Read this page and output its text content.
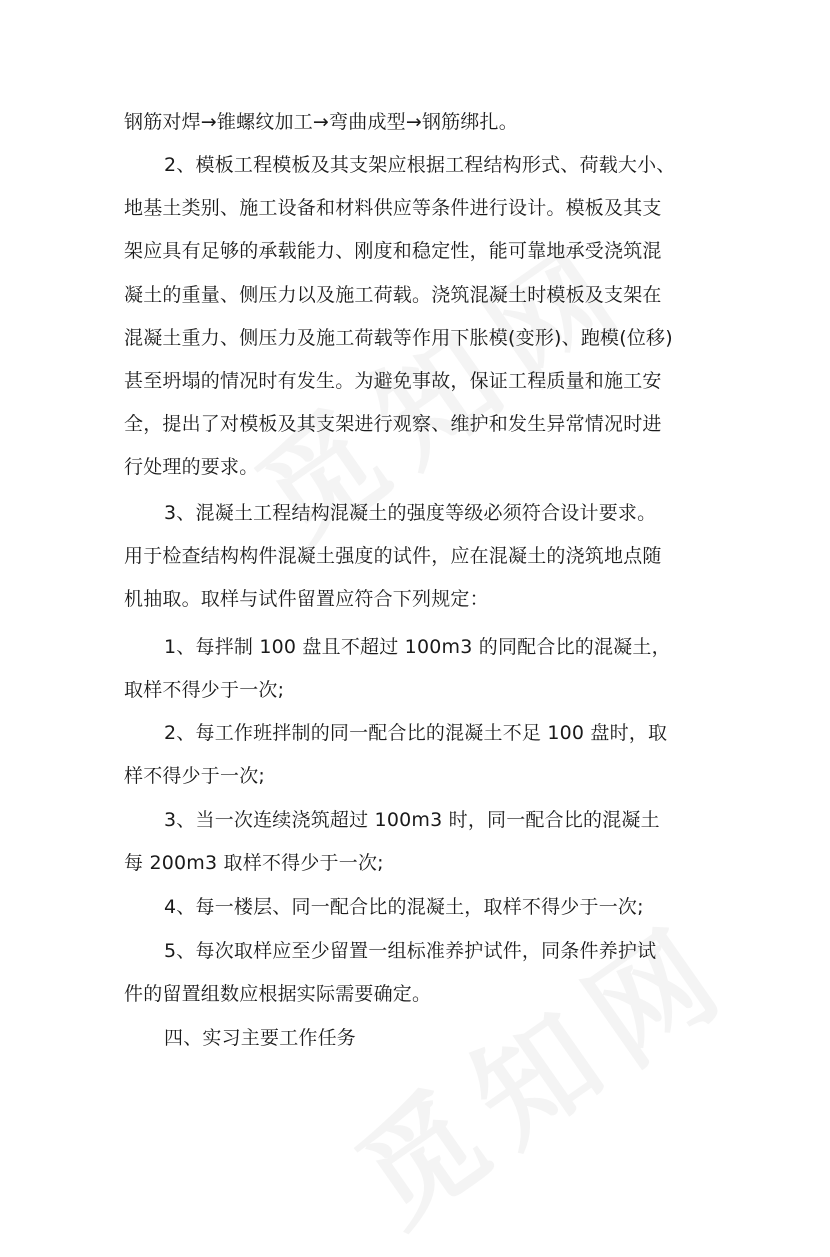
钢筋对焊→锥螺纹加工→弯曲成型→钢筋绑扎。
2、模板工程模板及其支架应根据工程结构形式、荷载大小、
地基土类别、施工设备和材料供应等条件进行设计。模板及其支
架应具有足够的承载能力、刚度和稳定性，能可靠地承受浇筑混
凝土的重量、侧压力以及施工荷载。浇筑混凝土时模板及支架在
混凝土重力、侧压力及施工荷载等作用下胀模(变形)、跑模(位移)
甚至坍塌的情况时有发生。为避免事故，保证工程质量和施工安
全，提出了对模板及其支架进行观察、维护和发生异常情况时进
行处理的要求。
3、混凝土工程结构混凝土的强度等级必须符合设计要求。
用于检查结构构件混凝土强度的试件，应在混凝土的浇筑地点随
机抽取。取样与试件留置应符合下列规定：
1、每拌制 100 盘且不超过 100m3 的同配合比的混凝土，
取样不得少于一次;
2、每工作班拌制的同一配合比的混凝土不足 100 盘时，取
样不得少于一次;
3、当一次连续浇筑超过 100m3 时，同一配合比的混凝土
每 200m3 取样不得少于一次;
4、每一楼层、同一配合比的混凝土，取样不得少于一次;
5、每次取样应至少留置一组标准养护试件，同条件养护试
件的留置组数应根据实际需要确定。
四、实习主要工作任务
